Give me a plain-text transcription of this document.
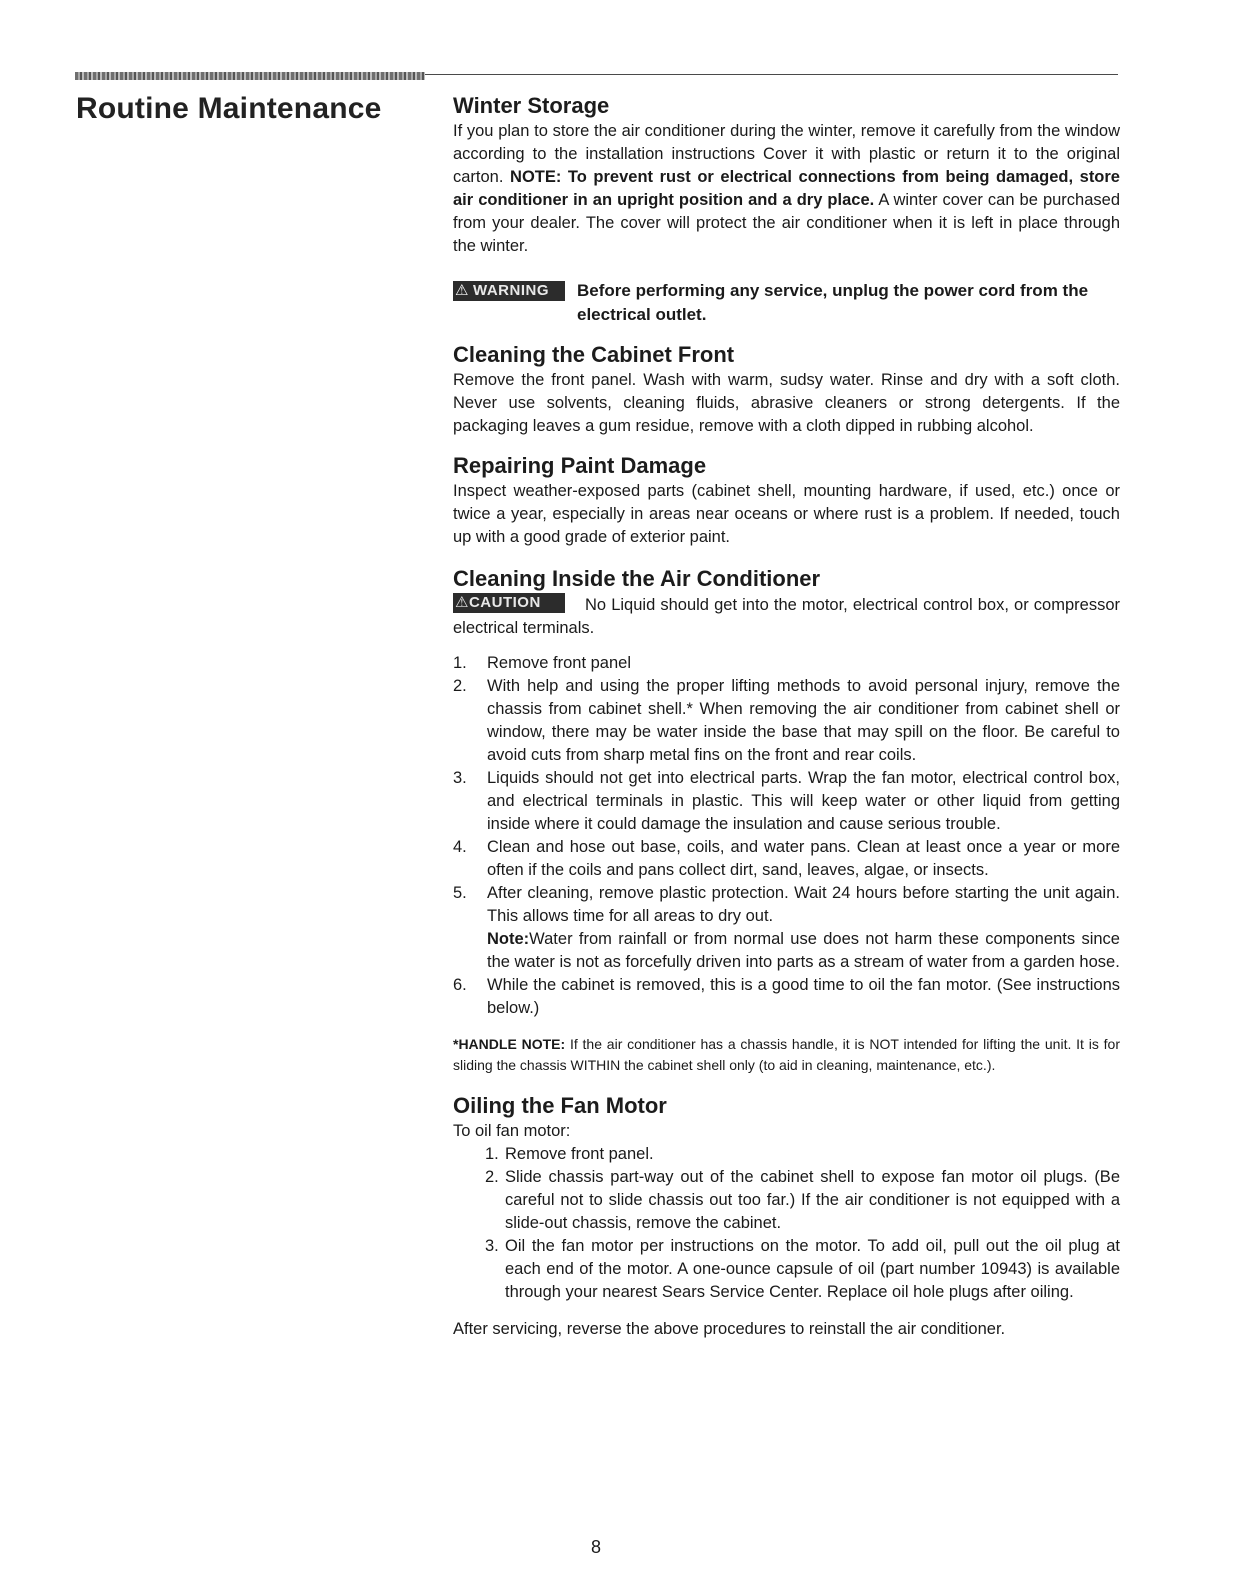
Routine Maintenance	Winter Storage

If you plan to store the air conditioner during the winter, remove it carefully from the window according to the installation instructions Cover it with plastic or return it to the original carton. NOTE: To prevent rust or electrical connections from being damaged, store air conditioner in an upright position and a dry place. A winter cover can be purchased from your dealer. The cover will protect the air conditioner when it is left in place through the winter.

⚠ WARNING	Before performing any service, unplug the power cord from the electrical outlet.
Cleaning the Cabinet Front

Remove the front panel. Wash with warm, sudsy water. Rinse and dry with a soft cloth. Never use solvents, cleaning fluids, abrasive cleaners or strong detergents. If the packaging leaves a gum residue, remove with a cloth dipped in rubbing alcohol.

Repairing Paint Damage

Inspect weather-exposed parts (cabinet shell, mounting hardware, if used, etc.) once or twice a year, especially in areas near oceans or where rust is a problem. If needed, touch up with a good grade of exterior paint.

Cleaning Inside the Air Conditioner

⚠CAUTION	No Liquid should get into the motor, electrical control box, or compressor electrical terminals.

1.	Remove front panel
2.	With help and using the proper lifting methods to avoid personal injury, remove the chassis from cabinet shell.* When removing the air conditioner from cabinet shell or window, there may be water inside the base that may spill on the floor. Be careful to avoid cuts from sharp metal fins on the front and rear coils.
3.	Liquids should not get into electrical parts. Wrap the fan motor, electrical control box, and electrical terminals in plastic. This will keep water or other liquid from getting inside where it could damage the insulation and cause serious trouble.
4.	Clean and hose out base, coils, and water pans. Clean at least once a year or more often if the coils and pans collect dirt, sand, leaves, algae, or insects.
5.	After cleaning, remove plastic protection. Wait 24 hours before starting the unit again. This allows time for all areas to dry out.
Note:Water from rainfall or from normal use does not harm these components since the water is not as forcefully driven into parts as a stream of water from a garden hose.
6.	While the cabinet is removed, this is a good time to oil the fan motor. (See instructions below.)
*HANDLE NOTE: If the air conditioner has a chassis handle, it is NOT intended for lifting the unit. It is for sliding the chassis WITHIN the cabinet shell only (to aid in cleaning, maintenance, etc.).
Oiling the Fan Motor

To oil fan motor:

1. Remove front panel.
2. Slide chassis part-way out of the cabinet shell to expose fan motor oil plugs. (Be careful not to slide chassis out too far.) If the air conditioner is not equipped with a slide-out chassis, remove the cabinet.
3. Oil the fan motor per instructions on the motor. To add oil, pull out the oil plug at each end of the motor. A one-ounce capsule of oil (part number 10943) is available through your nearest Sears Service Center. Replace oil hole plugs after oiling.

After servicing, reverse the above procedures to reinstall the air conditioner.

8
